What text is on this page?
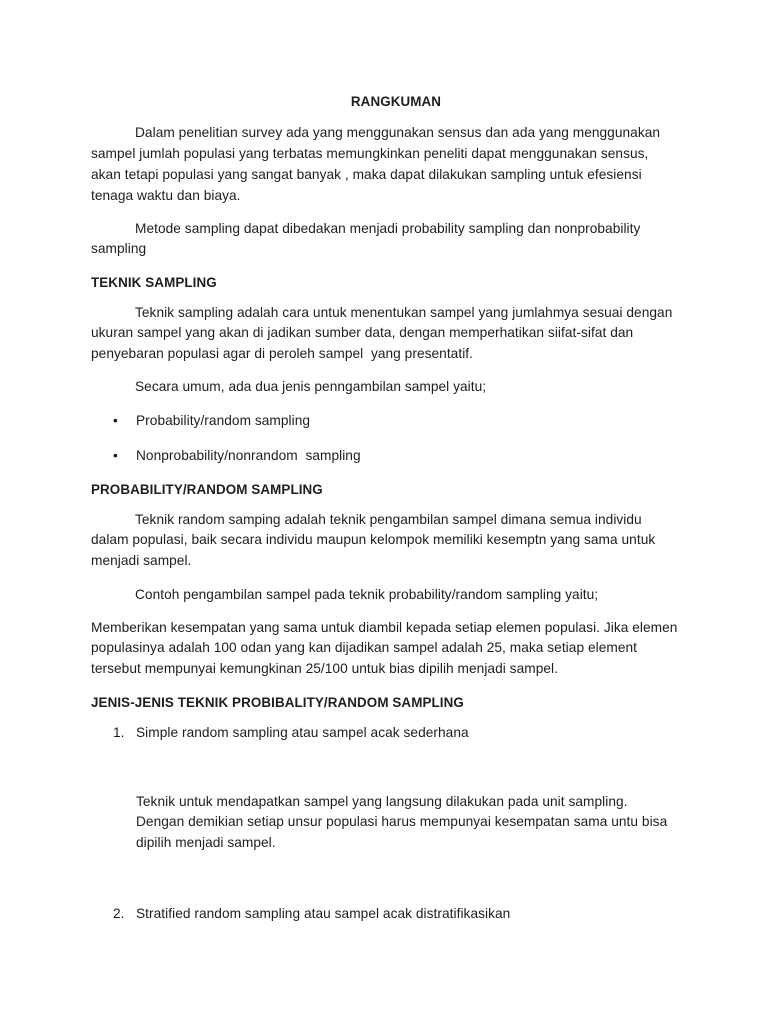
RANGKUMAN
Dalam penelitian survey ada yang menggunakan sensus dan ada yang menggunakan
sampel jumlah populasi yang terbatas memungkinkan peneliti dapat menggunakan sensus,
akan tetapi populasi yang sangat banyak , maka dapat dilakukan sampling untuk efesiensi
tenaga waktu dan biaya.
Metode sampling dapat dibedakan menjadi probability sampling dan nonprobability
sampling
TEKNIK SAMPLING
Teknik sampling adalah cara untuk menentukan sampel yang jumlahmya sesuai dengan
ukuran sampel yang akan di jadikan sumber data, dengan memperhatikan siifat-sifat dan
penyebaran populasi agar di peroleh sampel  yang presentatif.
Secara umum, ada dua jenis penngambilan sampel yaitu;
• Probability/random sampling
• Nonprobability/nonrandom  sampling
PROBABILITY/RANDOM SAMPLING
Teknik random samping adalah teknik pengambilan sampel dimana semua individu
dalam populasi, baik secara individu maupun kelompok memiliki kesemptn yang sama untuk
menjadi sampel.
Contoh pengambilan sampel pada teknik probability/random sampling yaitu;
Memberikan kesempatan yang sama untuk diambil kepada setiap elemen populasi. Jika elemen
populasinya adalah 100 odan yang kan dijadikan sampel adalah 25, maka setiap element
tersebut mempunyai kemungkinan 25/100 untuk bias dipilih menjadi sampel.
JENIS-JENIS TEKNIK PROBIBALITY/RANDOM SAMPLING
1. Simple random sampling atau sampel acak sederhana
Teknik untuk mendapatkan sampel yang langsung dilakukan pada unit sampling.
Dengan demikian setiap unsur populasi harus mempunyai kesempatan sama untu bisa
dipilih menjadi sampel.
2. Stratified random sampling atau sampel acak distratifikasikan
